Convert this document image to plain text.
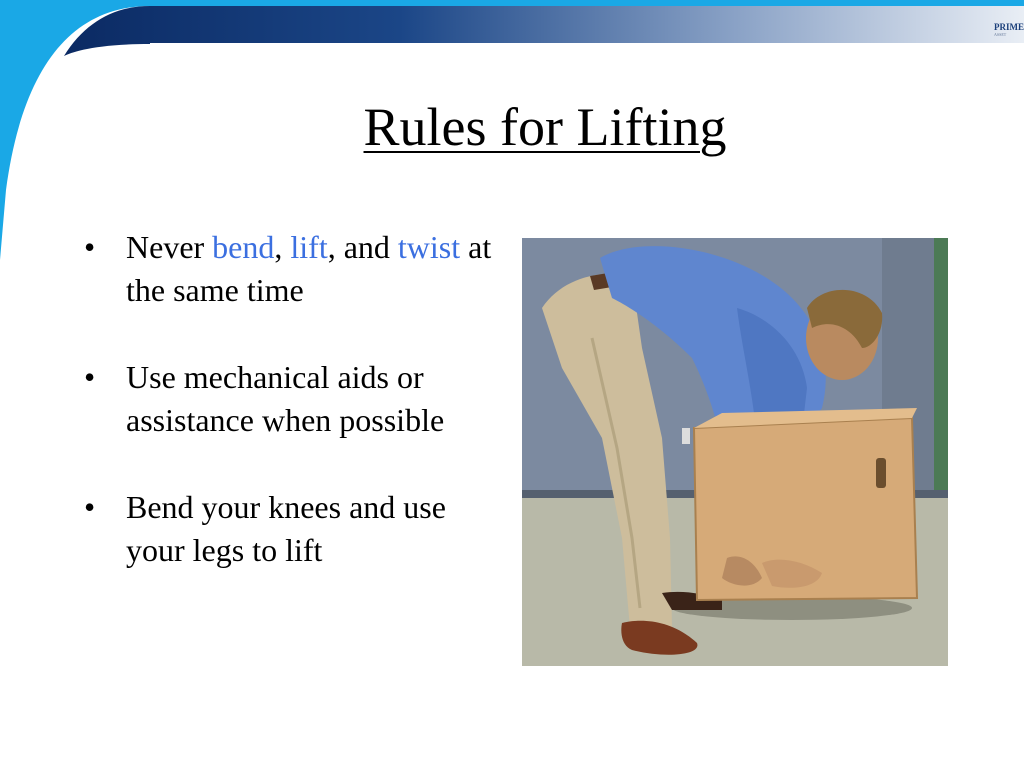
PRIME
ASSET
Rules for Lifting
• Never bend, lift, and twist at the same time
• Use mechanical aids or assistance when possible
• Bend your knees and use your legs to lift
